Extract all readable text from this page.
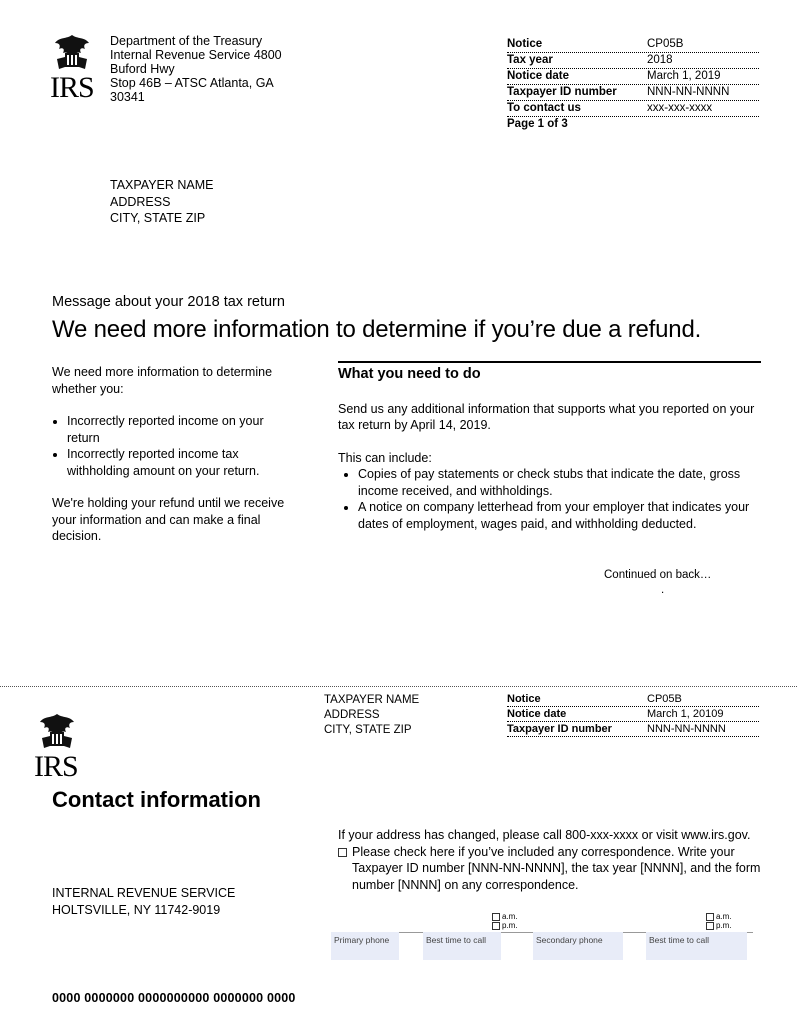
IRS
Department of the Treasury
Internal Revenue Service 4800
Buford Hwy
Stop 46B – ATSC Atlanta, GA
30341
Notice	CP05B
Tax year	2018
Notice date	March 1, 2019
Taxpayer ID number	NNN-NN-NNNN
To contact us	xxx-xxx-xxxx
Page 1 of 3
TAXPAYER NAME
ADDRESS
CITY, STATE ZIP
Message about your 2018 tax return
We need more information to determine if you’re due a refund.

We need more information to determine whether you:

• Incorrectly reported income on your return
• Incorrectly reported income tax withholding amount on your return.

We're holding your refund until we receive your information and can make a final decision.

What you need to do

Send us any additional information that supports what you reported on your tax return by April 14, 2019.

This can include:

• Copies of pay statements or check stubs that indicate the date, gross income received, and withholdings.
• A notice on company letterhead from your employer that indicates your dates of employment, wages paid, and withholding deducted.
Continued on back…
.
IRS
TAXPAYER NAME
ADDRESS
CITY, STATE ZIP
Notice	CP05B
Notice date	March 1, 20109
Taxpayer ID number	NNN-NN-NNNN
Contact information

If your address has changed, please call 800-xxx-xxxx or visit www.irs.gov.

Please check here if you’ve included any correspondence. Write your Taxpayer ID number [NNN-NN-NNNN], the tax year [NNNN], and the form number [NNNN] on any correspondence.
a.m.
p.m.
a.m.
p.m.
Primary phone	Best time to call	Secondary phone	Best time to call
INTERNAL REVENUE SERVICE
HOLTSVILLE, NY 11742-9019
0000 0000000 0000000000 0000000 0000
